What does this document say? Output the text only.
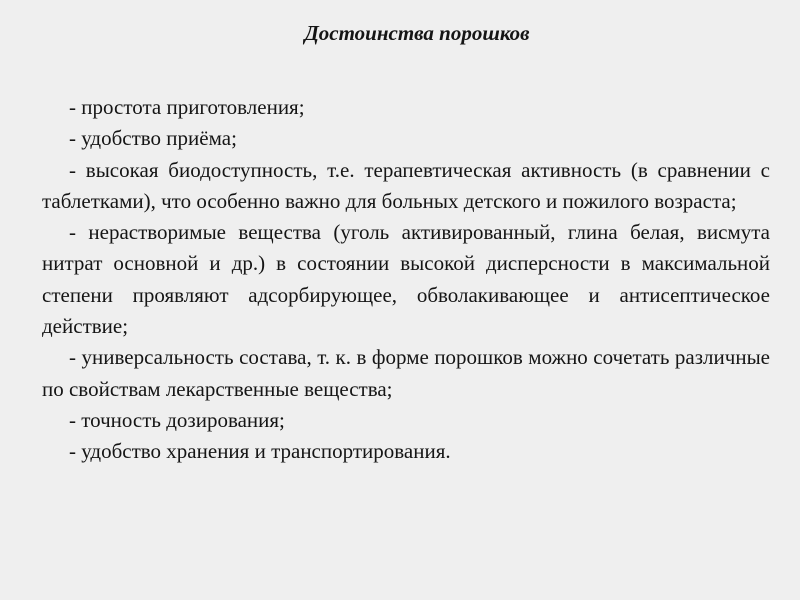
Достоинства порошков

- простота приготовления;

- удобство приёма;

- высокая биодоступность, т.е. терапевтическая активность (в сравнении с таблетками), что особенно важно для больных детского и пожилого возраста;

- нерастворимые вещества (уголь активированный, глина белая, висмута нитрат основной и др.) в состоянии высокой дисперсности в максимальной степени проявляют адсорбирующее, обволакивающее и антисептическое действие;

- универсальность состава, т. к. в форме порошков можно сочетать различные по свойствам лекарственные вещества;

- точность дозирования;

- удобство хранения и транспортирования.
